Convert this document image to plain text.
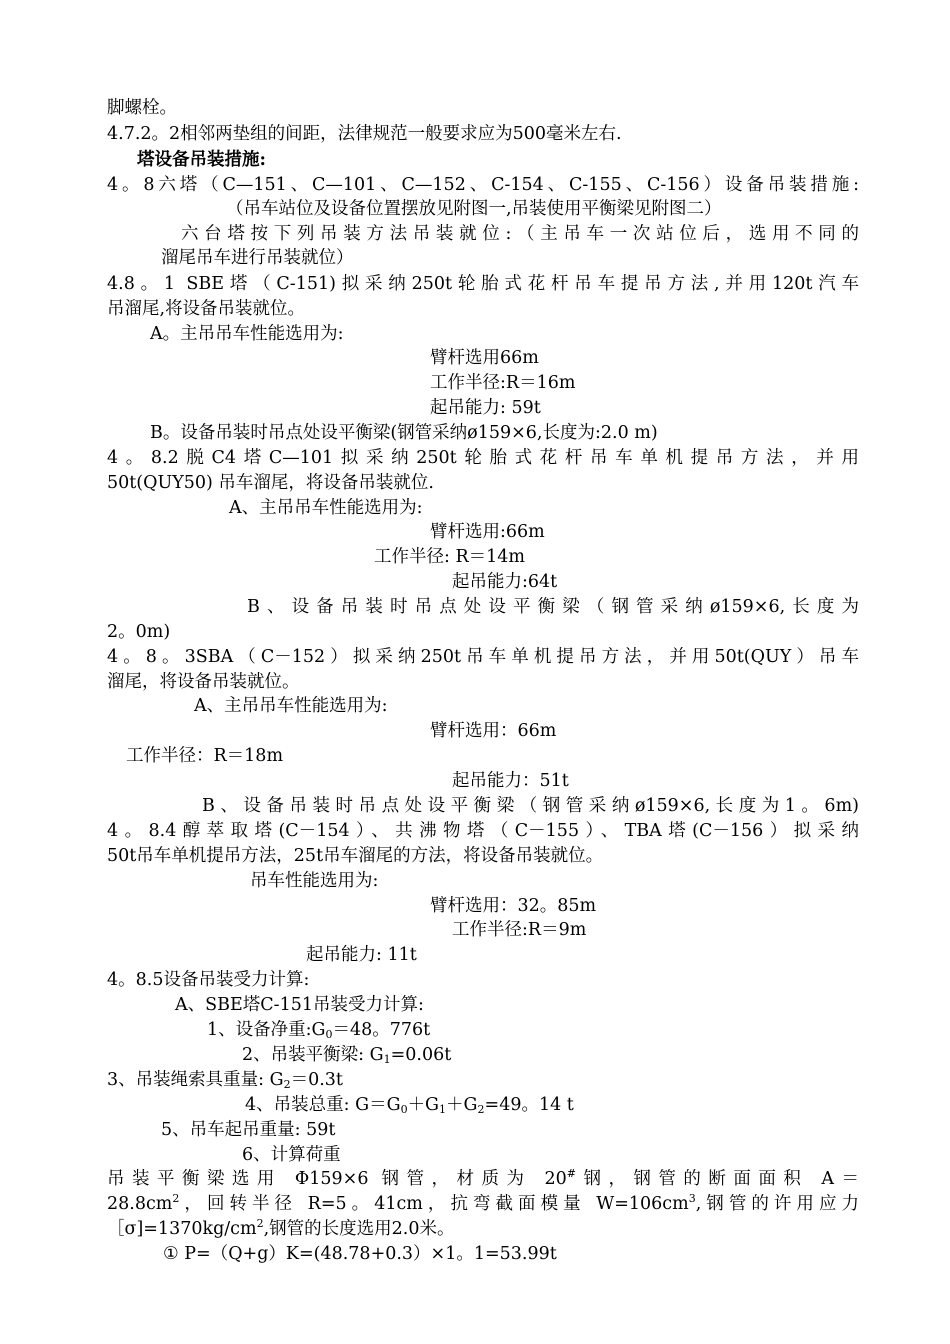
脚螺栓。
4.7.2。2相邻两垫组的间距，法律规范一般要求应为500毫米左右.
塔设备吊装措施:
4。8六塔（C—151、C—101、C—152、C-154、C-155、C-156）设备吊装措施:
（吊车站位及设备位置摆放见附图一,吊装使用平衡梁见附图二）
六台塔按下列吊装方法吊装就位:（主吊车一次站位后，选用不同的
溜尾吊车进行吊装就位）
4.8。1 SBE塔（C-151)拟采纳250t轮胎式花杆吊车提吊方法,并用120t汽车
吊溜尾,将设备吊装就位。
A。主吊吊车性能选用为:
臂杆选用66m
工作半径:R＝16m
起吊能力: 59t
B。设备吊装时吊点处设平衡梁(钢管采纳ø159×6,长度为:2.0 m)
4。8.2脱C4塔C—101拟采纳250t轮胎式花杆吊车单机提吊方法，并用
50t(QUY50) 吊车溜尾，将设备吊装就位.
A、主吊吊车性能选用为:
臂杆选用:66m
工作半径: R＝14m
起吊能力:64t
B、设备吊装时吊点处设平衡梁（钢管采纳ø159×6,长度为
2。0m)
4。8。3SBA（C－152）拟采纳250t吊车单机提吊方法，并用50t(QUY）吊车
溜尾，将设备吊装就位。
A、主吊吊车性能选用为:
臂杆选用：66m
工作半径：R＝18m
起吊能力：51t
B、设备吊装时吊点处设平衡梁（钢管采纳ø159×6,长度为1。6m)
4。8.4醇萃取塔(C－154）、共沸物塔（C－155）、TBA塔(C－156）拟采纳
50t吊车单机提吊方法，25t吊车溜尾的方法，将设备吊装就位。
吊车性能选用为:
臂杆选用：32。85m
工作半径:R＝9m
起吊能力: 11t
4。8.5设备吊装受力计算:
A、SBE塔C-151吊装受力计算:
1、设备净重$:G_0=48$。776t
2、吊装平衡梁: $G_1=0.06t$
3、吊装绳索具重量: $G_2=0.3t$
4、吊装总重: $G=G_0+G_1+G_2=49$。14 t
5、吊车起吊重量: 59t
6、计算荷重
吊装平衡梁选用 Φ159×6 钢管，材质为 20#钢，钢管的断面面积 A＝
$28.8cm^2$，回转半径 R=5。41cm，抗弯截面模量 $W=106cm^3$,钢管的许用应力
$[\sigma]=1370kg/cm^2$,钢管的长度选用2.0米。
① P=（Q+g）K=(48.78+0.3）×1。1=53.99t
